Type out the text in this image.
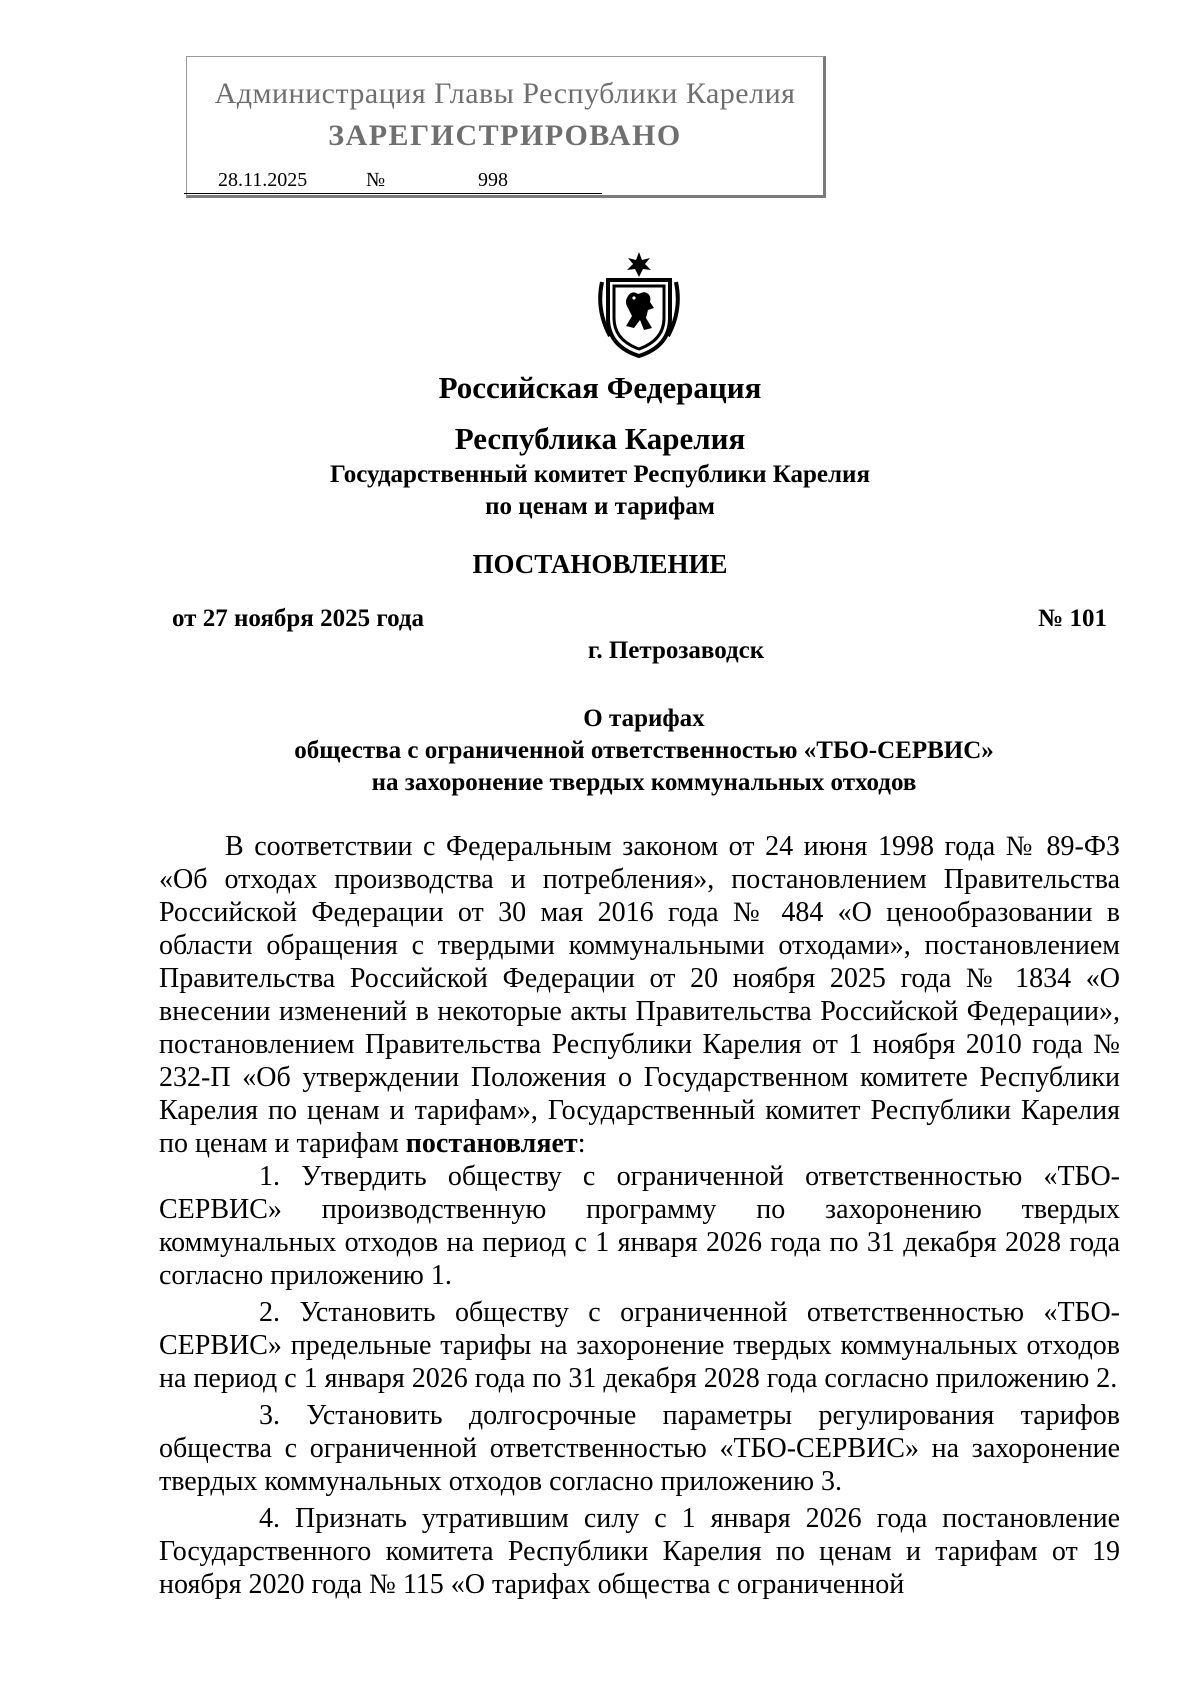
Администрация Главы Республики Карелия
ЗАРЕГИСТРИРОВАНО
28.11.2025	№	998
Российская Федерация
Республика Карелия
Государственный комитет Республики Карелия
по ценам и тарифам
ПОСТАНОВЛЕНИЕ
от 27 ноября 2025 года	№ 101
г. Петрозаводск
О тарифах
общества с ограниченной ответственностью «ТБО-СЕРВИС»
на захоронение твердых коммунальных отходов

В соответствии с Федеральным законом от 24 июня 1998 года № 89-ФЗ «Об отходах производства и потребления», постановлением Правительства Российской Федерации от 30 мая 2016 года № 484 «О ценообразовании в области обращения с твердыми коммунальными отходами», постановлением Правительства Российской Федерации от 20 ноября 2025 года № 1834 «О внесении изменений в некоторые акты Правительства Российской Федерации», постановлением Правительства Республики Карелия от 1 ноября 2010 года № 232-П «Об утверждении Положения о Государственном комитете Республики Карелия по ценам и тарифам», Государственный комитет Республики Карелия по ценам и тарифам постановляет:

1. Утвердить обществу с ограниченной ответственностью «ТБО-СЕРВИС» производственную программу по захоронению твердых коммунальных отходов на период с 1 января 2026 года по 31 декабря 2028 года согласно приложению 1.

2. Установить обществу с ограниченной ответственностью «ТБО-СЕРВИС» предельные тарифы на захоронение твердых коммунальных отходов на период с 1 января 2026 года по 31 декабря 2028 года согласно приложению 2.

3. Установить долгосрочные параметры регулирования тарифов общества с ограниченной ответственностью «ТБО-СЕРВИС» на захоронение твердых коммунальных отходов согласно приложению 3.

4. Признать утратившим силу с 1 января 2026 года постановление Государственного комитета Республики Карелия по ценам и тарифам от 19 ноября 2020 года № 115 «О тарифах общества с ограниченной
